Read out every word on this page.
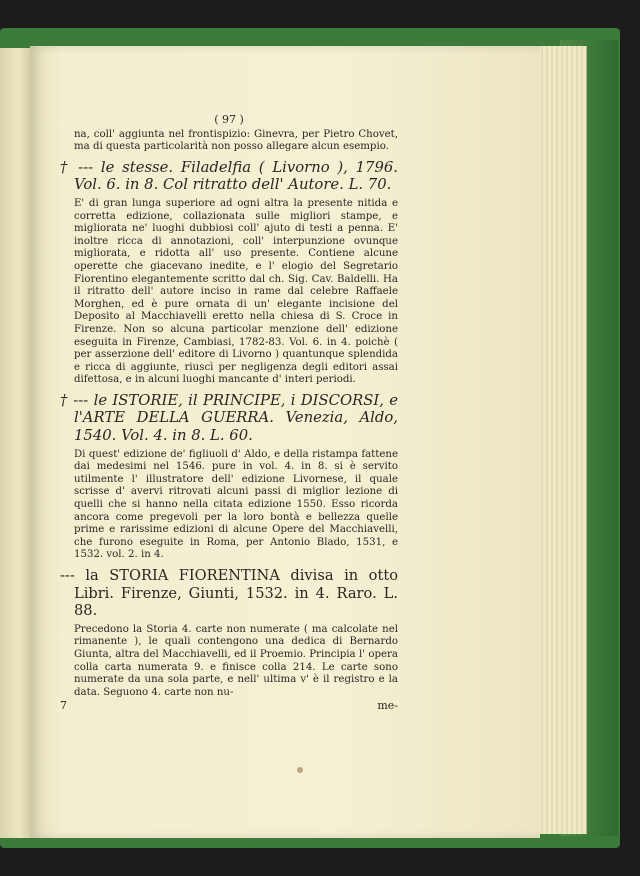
( 97 )

na, coll' aggiunta nel frontispizio: Ginevra, per Pietro Chovet, ma di questa particolarità non posso allegare alcun esempio.

† --- le stesse. Filadelfia ( Livorno ), 1796. Vol. 6. in 8. Col ritratto dell' Autore. L. 70.

E' di gran lunga superiore ad ogni altra la presente nitida e corretta edizione, collazionata sulle migliori stampe, e migliorata ne' luoghi dubbiosi coll' ajuto di testi a penna. E' inoltre ricca di annotazioni, coll' interpunzione ovunque migliorata, e ridotta all' uso presente. Contiene alcune operette che giacevano inedite, e l' elogio del Segretario Fiorentino elegantemente scritto dal ch. Sig. Cav. Baldelli. Ha il ritratto dell' autore inciso in rame dal celebre Raffaele Morghen, ed è pure ornata di un' elegante incisione del Deposito al Macchiavelli eretto nella chiesa di S. Croce in Firenze. Non so alcuna particolar menzione dell' edizione eseguita in Firenze, Cambiasi, 1782-83. Vol. 6. in 4. poichè ( per asserzione dell' editore di Livorno ) quantunque splendida e ricca di aggiunte, riuscì per negligenza degli editori assai difettosa, e in alcuni luoghi mancante d' interi periodi.

† --- le ISTORIE, il PRINCIPE, i DISCORSI, e l'ARTE DELLA GUERRA. Venezia, Aldo, 1540. Vol. 4. in 8. L. 60.

Di quest' edizione de' figliuoli d' Aldo, e della ristampa fattene dai medesimi nel 1546. pure in vol. 4. in 8. si è servito utilmente l' illustratore dell' edizione Livornese, il quale scrisse d' avervi ritrovati alcuni passi di miglior lezione di quelli che si hanno nella citata edizione 1550. Esso ricorda ancora come pregevoli per la loro bontà e bellezza quelle prime e rarissime edizioni di alcune Opere del Macchiavelli, che furono eseguite in Roma, per Antonio Blado, 1531, e 1532. vol. 2. in 4.

--- la STORIA FIORENTINA divisa in otto Libri. Firenze, Giunti, 1532. in 4. Raro. L. 88.

Precedono la Storia 4. carte non numerate ( ma calcolate nel rimanente ), le quali contengono una dedica di Bernardo Giunta, altra del Macchiavelli, ed il Proemio. Principia l' opera colla carta numerata 9. e finisce colla 214. Le carte sono numerate da una sola parte, e nell' ultima v' è il registro e la data. Seguono 4. carte non nu-

7	me-
